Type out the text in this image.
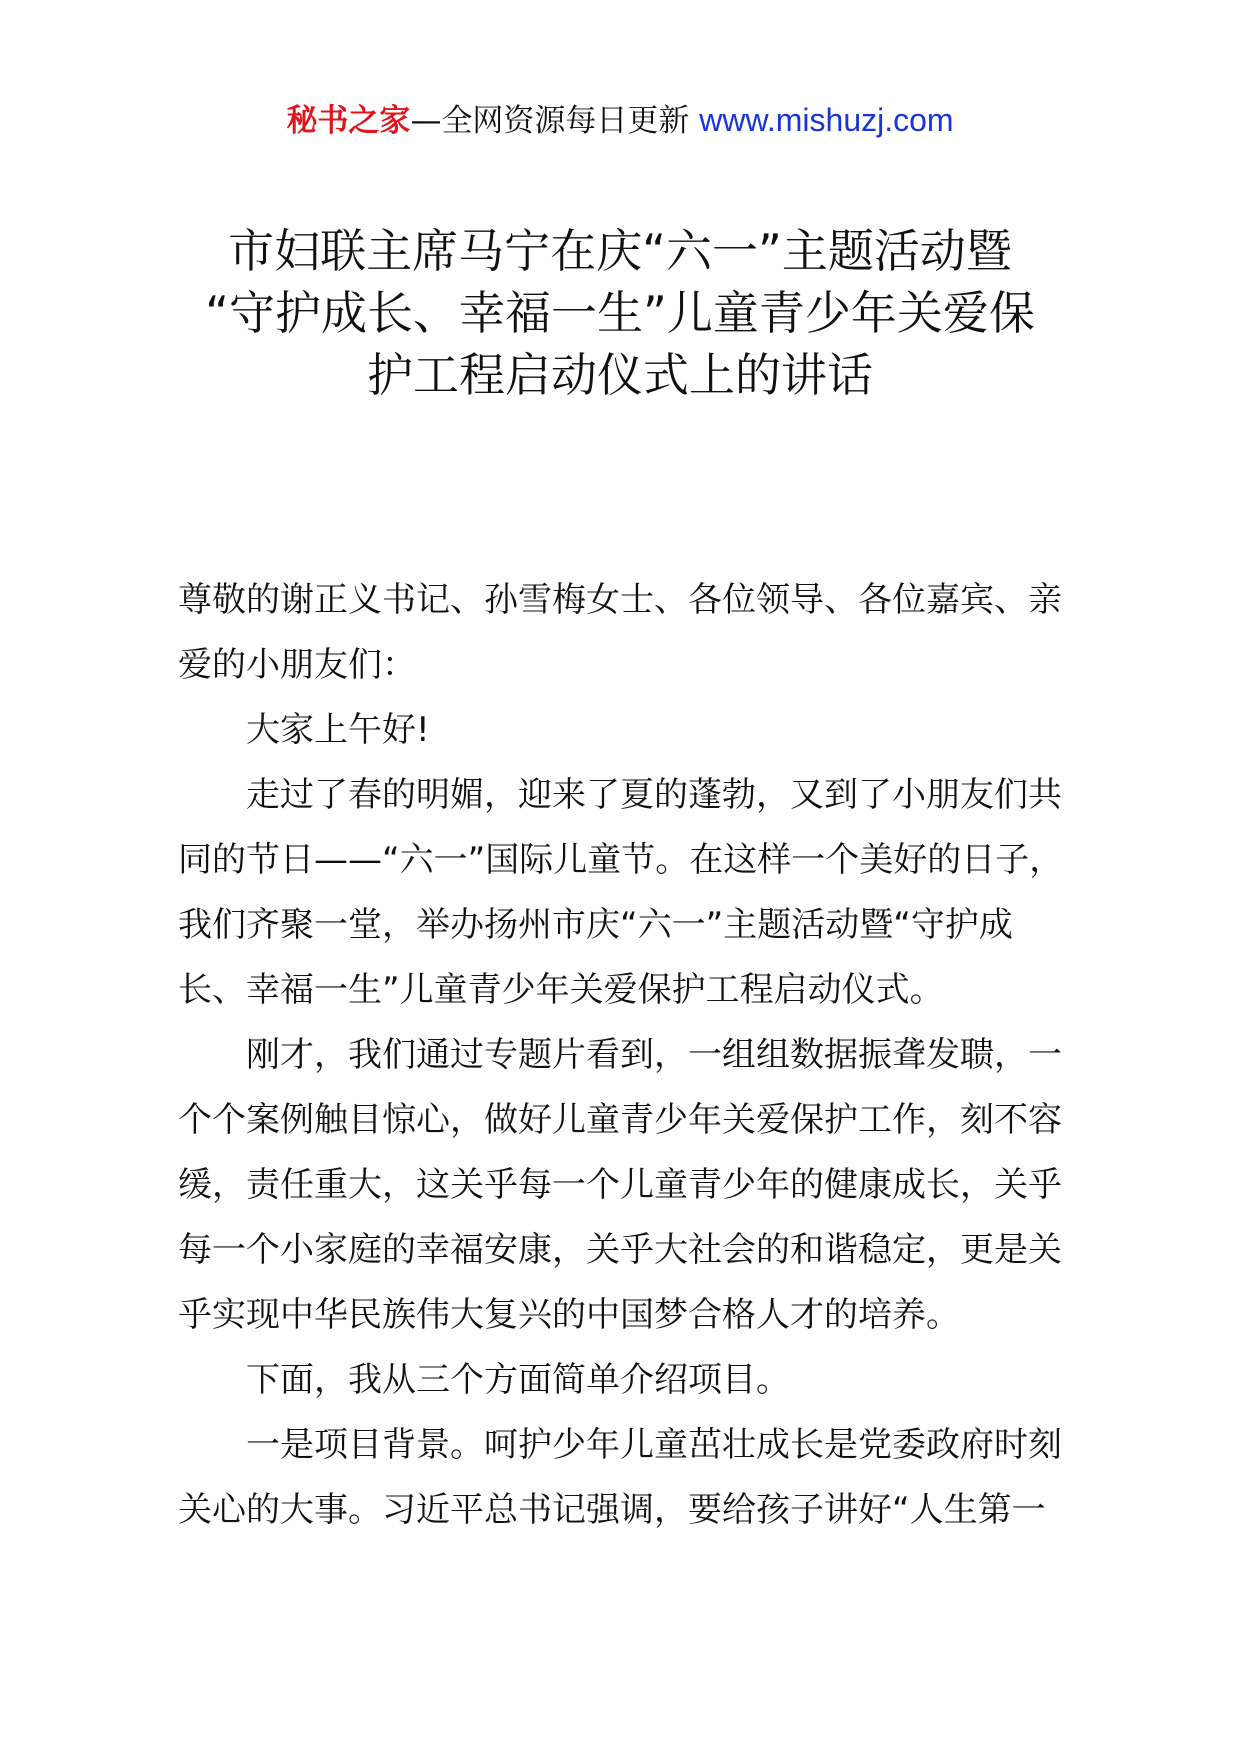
秘书之家—全网资源每日更新 www.mishuzj.com
市妇联主席马宁在庆“六一”主题活动暨
“守护成长、幸福一生”儿童青少年关爱保
护工程启动仪式上的讲话
尊敬的谢正义书记、孙雪梅女士、各位领导、各位嘉宾、亲
爱的小朋友们：
大家上午好!
走过了春的明媚，迎来了夏的蓬勃，又到了小朋友们共
同的节日——“六一”国际儿童节。在这样一个美好的日子，
我们齐聚一堂，举办扬州市庆“六一”主题活动暨“守护成
长、幸福一生”儿童青少年关爱保护工程启动仪式。
刚才，我们通过专题片看到，一组组数据振聋发聩，一
个个案例触目惊心，做好儿童青少年关爱保护工作，刻不容
缓，责任重大，这关乎每一个儿童青少年的健康成长，关乎
每一个小家庭的幸福安康，关乎大社会的和谐稳定，更是关
乎实现中华民族伟大复兴的中国梦合格人才的培养。
下面，我从三个方面简单介绍项目。
一是项目背景。呵护少年儿童茁壮成长是党委政府时刻
关心的大事。习近平总书记强调，要给孩子讲好“人生第一
